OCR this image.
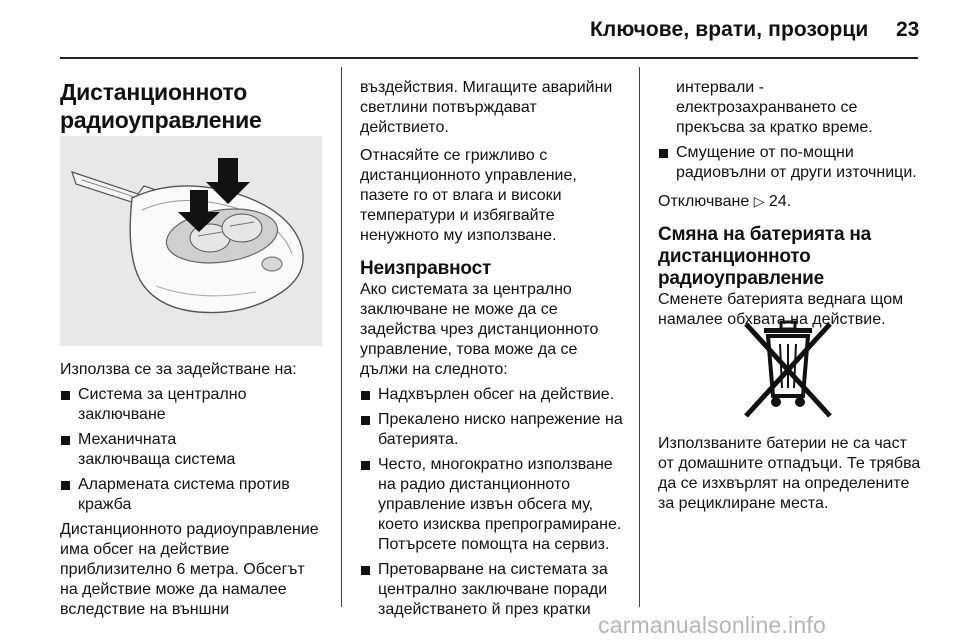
Ключове, врати, прозорци 23
Дистанционното
радиоуправление

Използва се за задействане на:

Система за централно заключване
Механичната заключваща система
Алармената система против кражба
Дистанционното радиоуправление
има обсег на действие
приблизително 6 метра. Обсегът
на действие може да намалее
вследствие на външни
въздействия. Мигащите аварийни
светлини потвърждават
действието.
Отнасяйте се грижливо с
дистанционното управление,
пазете го от влага и високи
температури и избягвайте
ненужното му използване.
Неизправност
Ако системата за централно
заключване не може да се
задейства чрез дистанционното
управление, това може да се
дължи на следното:
Надхвърлен обсег на действие.
Прекалено ниско напрежение на
батерията.
Често, многократно използване
на радио дистанционното
управление извън обсега му,
което изисква препрограмиране.
Потърсете помощта на сервиз.
Претоварване на системата за
централно заключване поради
задействането й през кратки
интервали -
електрозахранването се
прекъсва за кратко време.
Смущение от по-мощни
радиовълни от други източници.
Отключване ▷ 24.
Смяна на батерията на
дистанционното
радиоуправление
Сменете батерията веднага щом
намалее обхвата на действие.
Използваните батерии не са част
от домашните отпадъци. Те трябва
да се изхвърлят на определените
за рециклиране места.
carmanualsonline.info
